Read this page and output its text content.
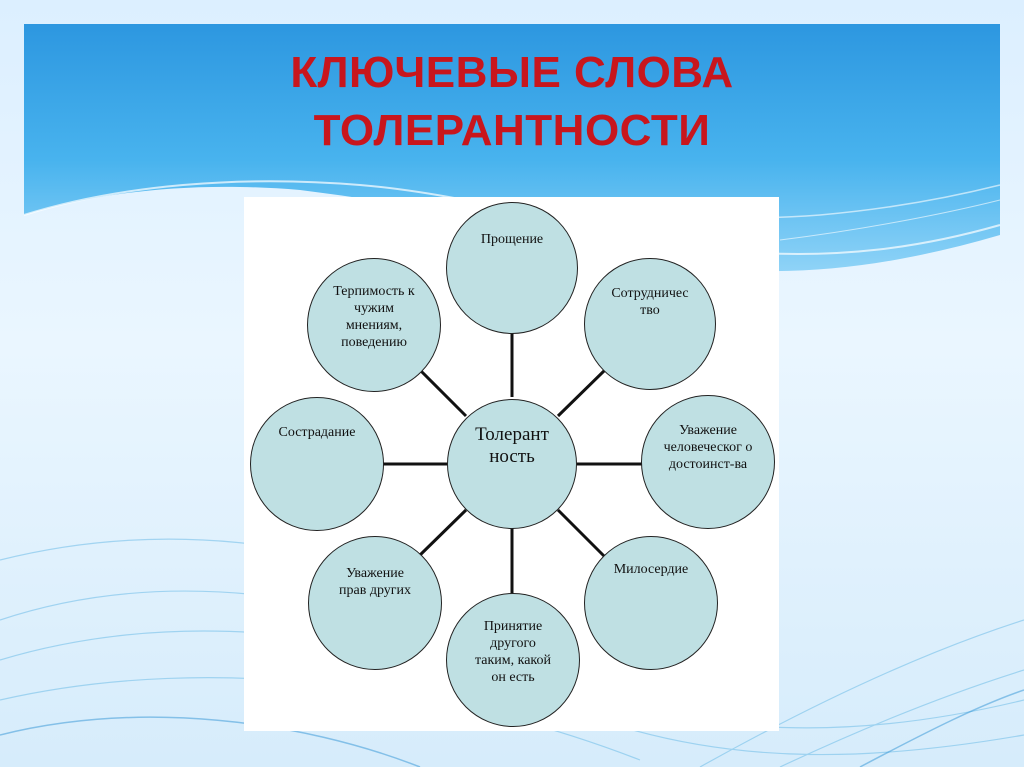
КЛЮЧЕВЫЕ СЛОВА
ТОЛЕРАНТНОСТИ
Толерант ность
Прощение
Сотрудничес тво
Уважение человеческог о достоинст-ва
Милосердие
Принятие другого таким, какой он есть
Уважение прав других
Сострадание
Терпимость к чужим мнениям, поведению
